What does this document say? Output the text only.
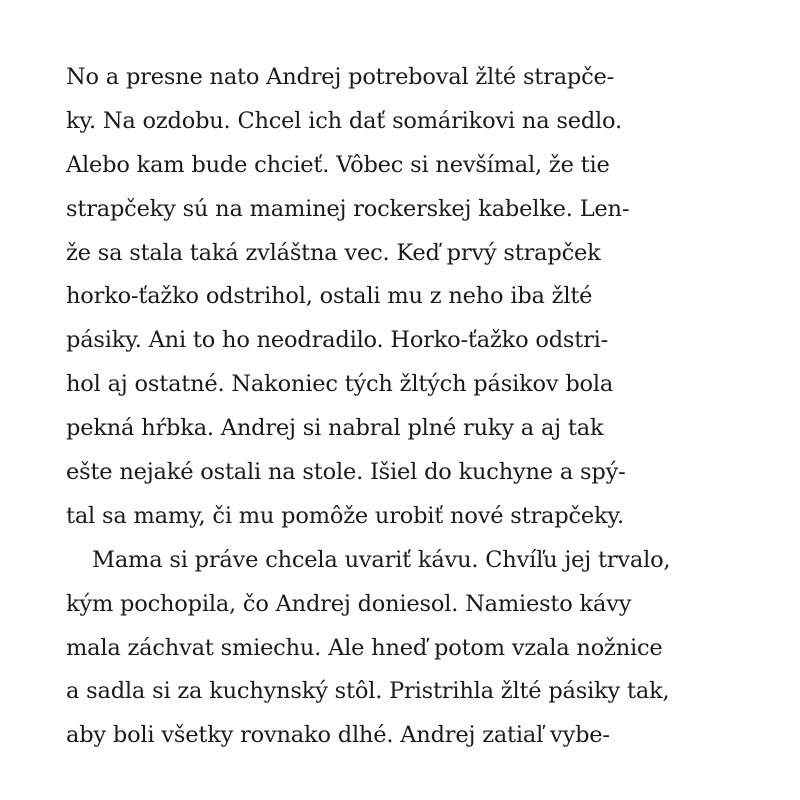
No a presne nato Andrej potreboval žlté strapče-
ky. Na ozdobu. Chcel ich dať somárikovi na sedlo.
Alebo kam bude chcieť. Vôbec si nevšímal, že tie
strapčeky sú na maminej rockerskej kabelke. Len-
že sa stala taká zvláštna vec. Keď prvý strapček
horko-ťažko odstrihol, ostali mu z neho iba žlté
pásiky. Ani to ho neodradilo. Horko-ťažko odstri-
hol aj ostatné. Nakoniec tých žltých pásikov bola
pekná hŕbka. Andrej si nabral plné ruky a aj tak
ešte nejaké ostali na stole. Išiel do kuchyne a spý-
tal sa mamy, či mu pomôže urobiť nové strapčeky.
Mama si práve chcela uvariť kávu. Chvíľu jej trvalo,
kým pochopila, čo Andrej doniesol. Namiesto kávy
mala záchvat smiechu. Ale hneď potom vzala nožnice
a sadla si za kuchynský stôl. Pristrihla žlté pásiky tak,
aby boli všetky rovnako dlhé. Andrej zatiaľ vybe-
